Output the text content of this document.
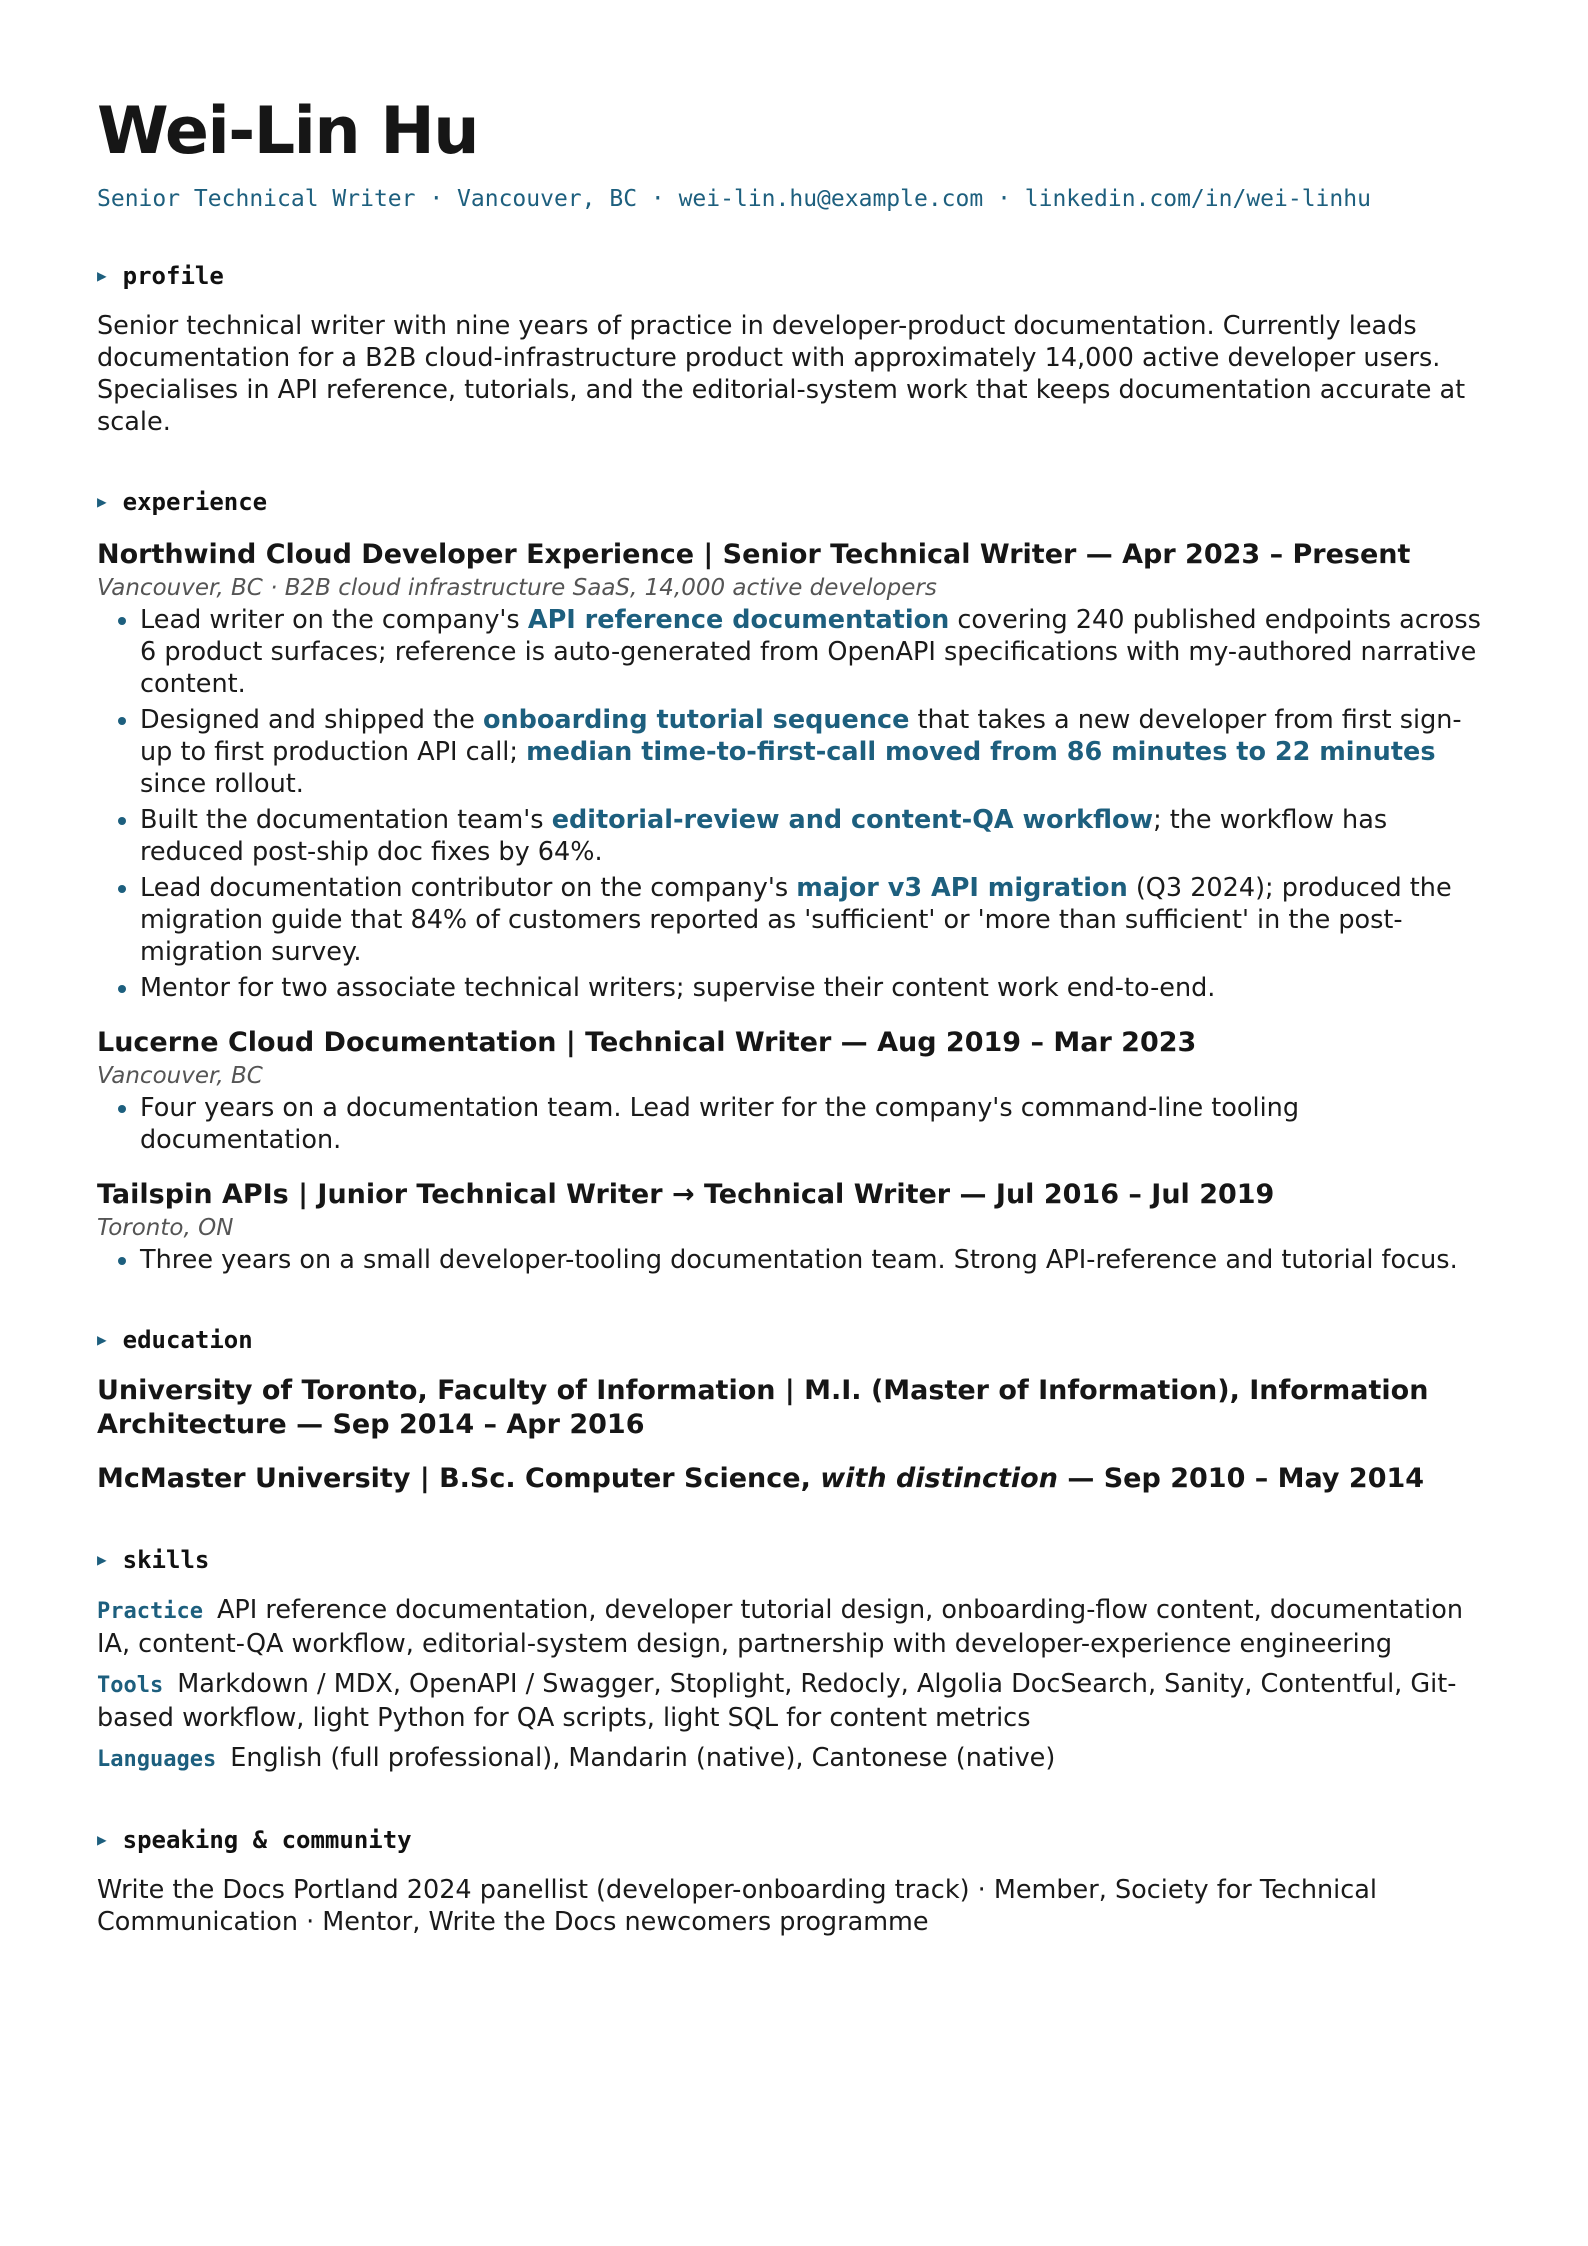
Wei-Lin Hu
Senior Technical Writer · Vancouver, BC · wei-lin.hu@example.com · linkedin.com/in/wei-linhu
▶ profile
Senior technical writer with nine years of practice in developer-product documentation. Currently leads documentation for a B2B cloud-infrastructure product with approximately 14,000 active developer users. Specialises in API reference, tutorials, and the editorial-system work that keeps documentation accurate at scale.
▶ experience
Northwind Cloud Developer Experience | Senior Technical Writer — Apr 2023 – Present
Vancouver, BC · B2B cloud infrastructure SaaS, 14,000 active developers
• Lead writer on the company's API reference documentation covering 240 published endpoints across 6 product surfaces; reference is auto-generated from OpenAPI specifications with my-authored narrative content.
• Designed and shipped the onboarding tutorial sequence that takes a new developer from first sign-up to first production API call; median time-to-first-call moved from 86 minutes to 22 minutes since rollout.
• Built the documentation team's editorial-review and content-QA workflow; the workflow has reduced post-ship doc fixes by 64%.
• Lead documentation contributor on the company's major v3 API migration (Q3 2024); produced the migration guide that 84% of customers reported as 'sufficient' or 'more than sufficient' in the post-migration survey.
• Mentor for two associate technical writers; supervise their content work end-to-end.
Lucerne Cloud Documentation | Technical Writer — Aug 2019 – Mar 2023
Vancouver, BC
• Four years on a documentation team. Lead writer for the company's command-line tooling documentation.
Tailspin APIs | Junior Technical Writer → Technical Writer — Jul 2016 – Jul 2019
Toronto, ON
• Three years on a small developer-tooling documentation team. Strong API-reference and tutorial focus.
▶ education
University of Toronto, Faculty of Information | M.I. (Master of Information), Information Architecture — Sep 2014 – Apr 2016
McMaster University | B.Sc. Computer Science, with distinction — Sep 2010 – May 2014
▶ skills
Practice API reference documentation, developer tutorial design, onboarding-flow content, documentation IA, content-QA workflow, editorial-system design, partnership with developer-experience engineering
Tools Markdown / MDX, OpenAPI / Swagger, Stoplight, Redocly, Algolia DocSearch, Sanity, Contentful, Git-based workflow, light Python for QA scripts, light SQL for content metrics
Languages English (full professional), Mandarin (native), Cantonese (native)
▶ speaking & community
Write the Docs Portland 2024 panellist (developer-onboarding track) · Member, Society for Technical Communication · Mentor, Write the Docs newcomers programme
